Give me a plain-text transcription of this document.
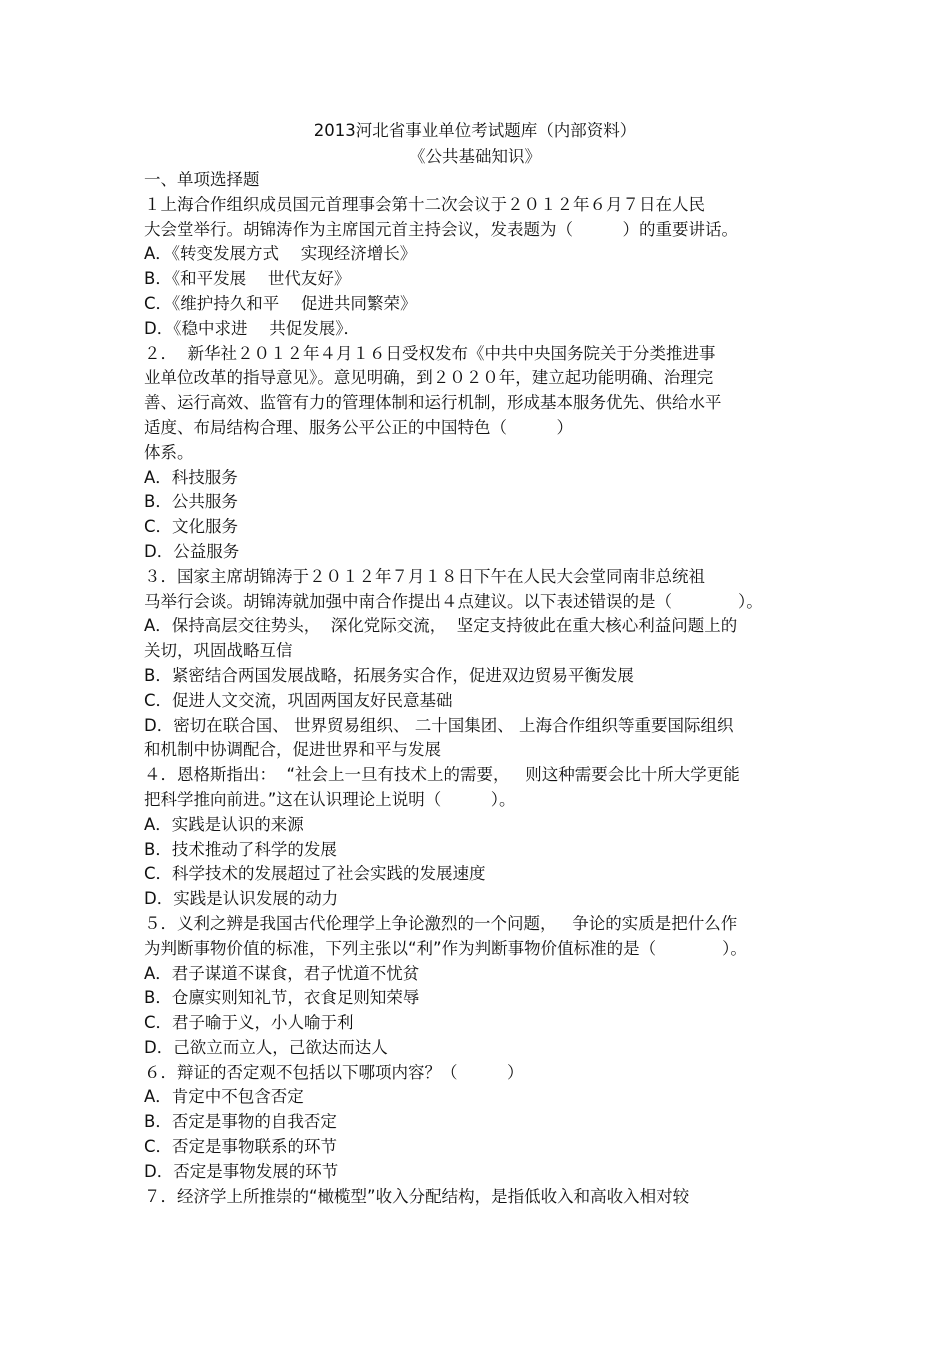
2013河北省事业单位考试题库（内部资料）
《公共基础知识》
一、单项选择题
１上海合作组织成员国元首理事会第十二次会议于２０１２年６月７日在人民
大会堂举行。胡锦涛作为主席国元首主持会议，发表题为（　　　）的重要讲话。
A．《转变发展方式　 实现经济增长》
B．《和平发展　 世代友好》
C．《维护持久和平　 促进共同繁荣》
D．《稳中求进　 共促发展》．
２．  新华社２０１２年４月１６日受权发布《中共中央国务院关于分类推进事
业单位改革的指导意见》。意见明确，到２０２０年，建立起功能明确、治理完
善、运行高效、监管有力的管理体制和运行机制，形成基本服务优先、供给水平
适度、布局结构合理、服务公平公正的中国特色（　　　）
体系。
A．科技服务
B．公共服务
C．文化服务
D．公益服务
３．国家主席胡锦涛于２０１２年７月１８日下午在人民大会堂同南非总统祖
马举行会谈。胡锦涛就加强中南合作提出４点建议。以下表述错误的是（　　　　）。
A．保持高层交往势头，  深化党际交流，  坚定支持彼此在重大核心利益问题上的
关切，巩固战略互信
B．紧密结合两国发展战略，拓展务实合作，促进双边贸易平衡发展
C．促进人文交流，巩固两国友好民意基础
D．密切在联合国、 世界贸易组织、 二十国集团、 上海合作组织等重要国际组织
和机制中协调配合，促进世界和平与发展
４．恩格斯指出：  “社会上一旦有技术上的需要，   则这种需要会比十所大学更能
把科学推向前进。”这在认识理论上说明（　　　）。
A．实践是认识的来源
B．技术推动了科学的发展
C．科学技术的发展超过了社会实践的发展速度
D．实践是认识发展的动力
５．义利之辨是我国古代伦理学上争论激烈的一个问题，   争论的实质是把什么作
为判断事物价值的标准，下列主张以“利”作为判断事物价值标准的是（　　　　）。
A．君子谋道不谋食，君子忧道不忧贫
B．仓廪实则知礼节，衣食足则知荣辱
C．君子喻于义，小人喻于利
D．己欲立而立人，己欲达而达人
６．辩证的否定观不包括以下哪项内容？（　　　）
A．肯定中不包含否定
B．否定是事物的自我否定
C．否定是事物联系的环节
D．否定是事物发展的环节
７．经济学上所推崇的“橄榄型”收入分配结构，是指低收入和高收入相对较
